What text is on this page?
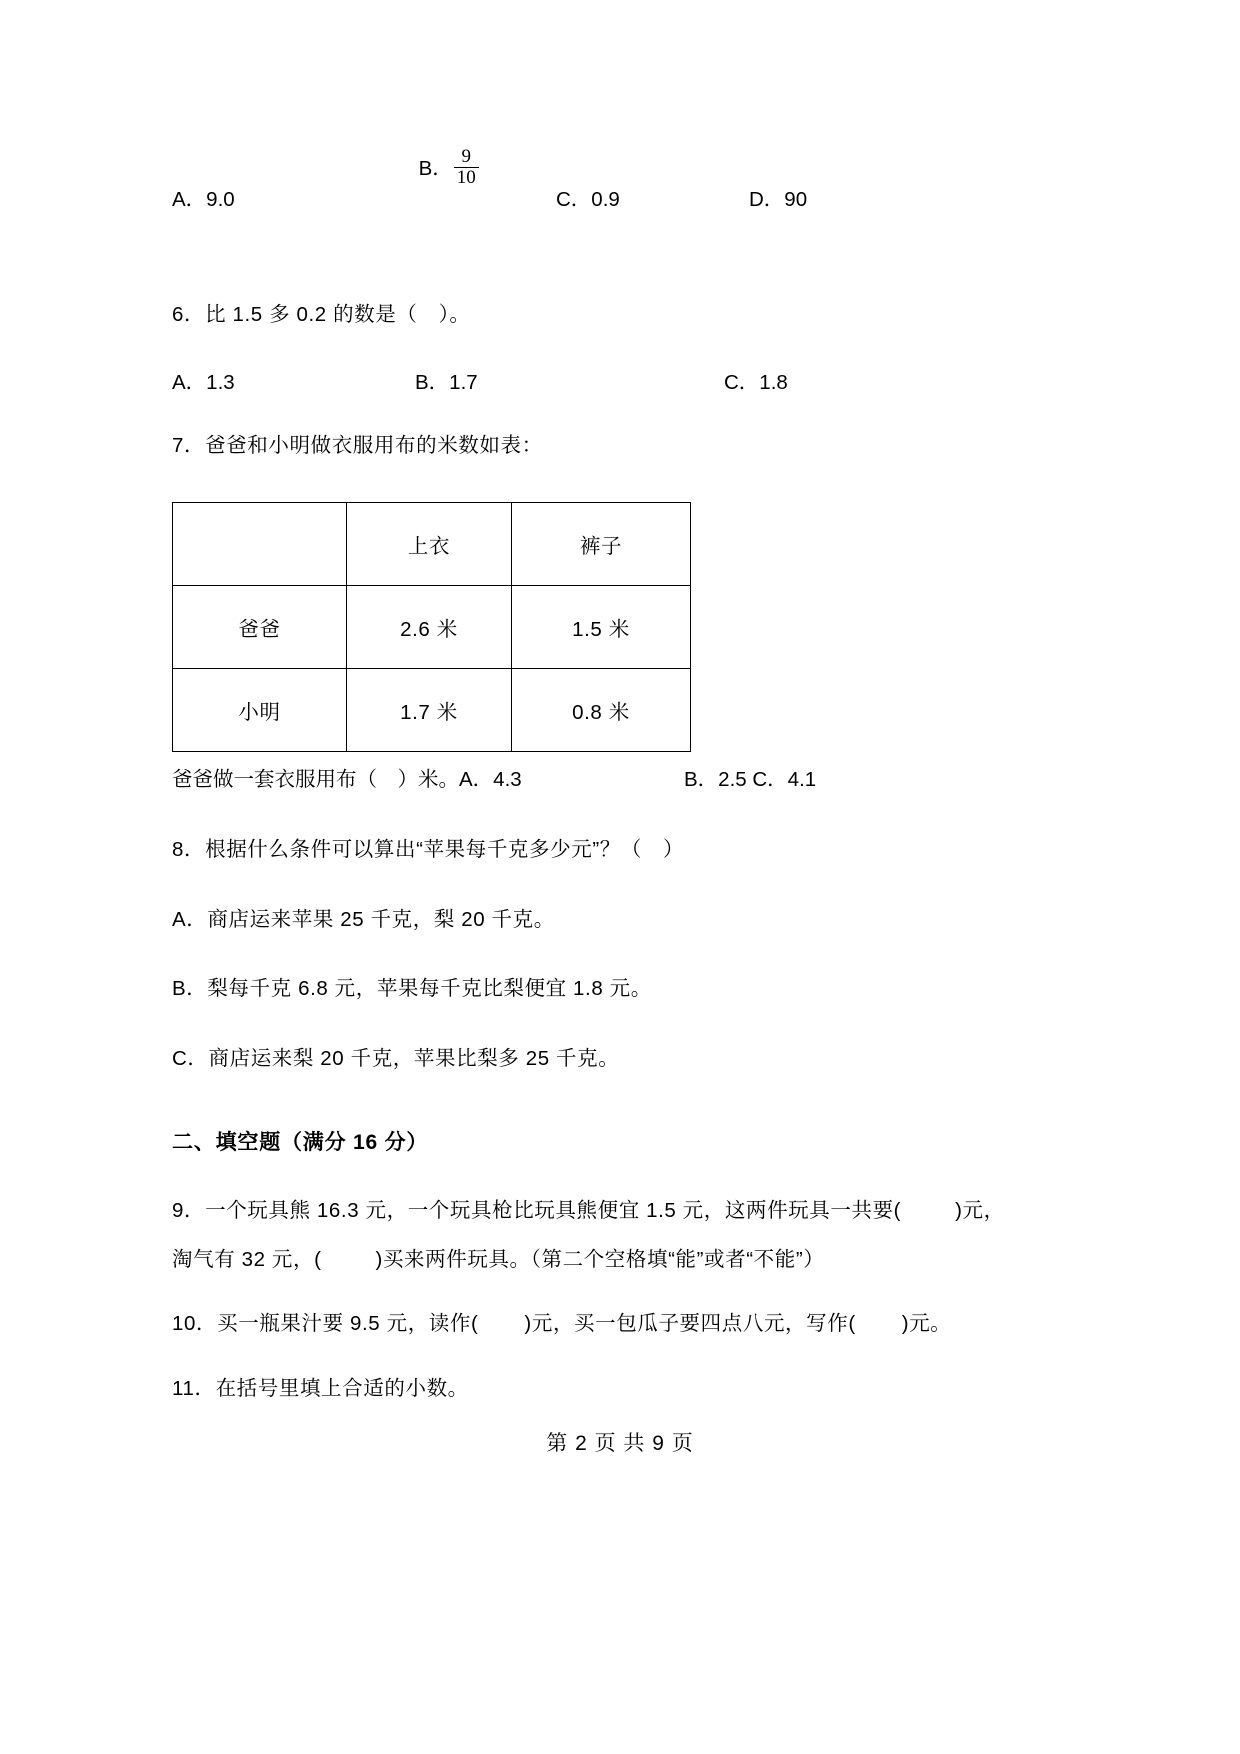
A．9.0

B． $\frac{9}{10}$

C．0.9

	D．90

6．比 1.5 多 0.2 的数是（　）。

A．1.3

	B．1.7

	C．1.8

7．爸爸和小明做衣服用布的米数如表：
	上衣	裤子
爸爸	2.6 米	1.5 米
小明	1.7 米	0.8 米

爸爸做一套衣服用布（　）米。A．4.3

	B．2.5 C．4.1

8．根据什么条件可以算出“苹果每千克多少元”？（　）
A．商店运来苹果 25 千克，梨 20 千克。
B．梨每千克 6.8 元，苹果每千克比梨便宜 1.8 元。
C．商店运来梨 20 千克，苹果比梨多 25 千克。
二、填空题（满分 16 分）
9．一个玩具熊 16.3 元，一个玩具枪比玩具熊便宜 1.5 元，这两件玩具一共要(	)元，
淘气有 32 元，(	)买来两件玩具。（第二个空格填“能”或者“不能”）
10．买一瓶果汁要 9.5 元，读作( )元，买一包瓜子要四点八元，写作( )元。
11．在括号里填上合适的小数。
第 2 页 共 9 页
